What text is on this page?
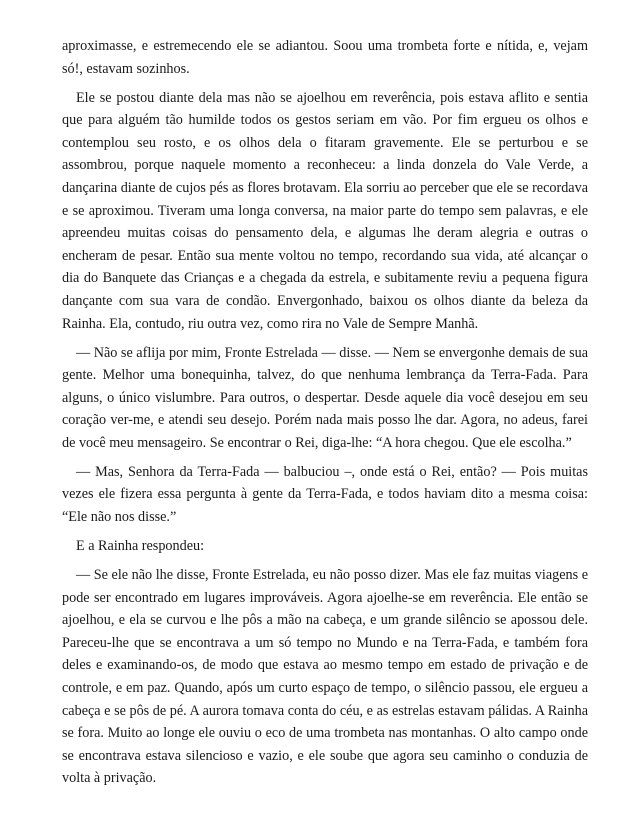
aproximasse, e estremecendo ele se adiantou. Soou uma trombeta forte e nítida, e, vejam só!, estavam sozinhos.

Ele se postou diante dela mas não se ajoelhou em reverência, pois estava aflito e sentia que para alguém tão humilde todos os gestos seriam em vão. Por fim ergueu os olhos e contemplou seu rosto, e os olhos dela o fitaram gravemente. Ele se perturbou e se assombrou, porque naquele momento a reconheceu: a linda donzela do Vale Verde, a dançarina diante de cujos pés as flores brotavam. Ela sorriu ao perceber que ele se recordava e se aproximou. Tiveram uma longa conversa, na maior parte do tempo sem palavras, e ele apreendeu muitas coisas do pensamento dela, e algumas lhe deram alegria e outras o encheram de pesar. Então sua mente voltou no tempo, recordando sua vida, até alcançar o dia do Banquete das Crianças e a chegada da estrela, e subitamente reviu a pequena figura dançante com sua vara de condão. Envergonhado, baixou os olhos diante da beleza da Rainha. Ela, contudo, riu outra vez, como rira no Vale de Sempre Manhã.

— Não se aflija por mim, Fronte Estrelada — disse. — Nem se envergonhe demais de sua gente. Melhor uma bonequinha, talvez, do que nenhuma lembrança da Terra-Fada. Para alguns, o único vislumbre. Para outros, o despertar. Desde aquele dia você desejou em seu coração ver-me, e atendi seu desejo. Porém nada mais posso lhe dar. Agora, no adeus, farei de você meu mensageiro. Se encontrar o Rei, diga-lhe: “A hora chegou. Que ele escolha.”

— Mas, Senhora da Terra-Fada — balbuciou –, onde está o Rei, então? — Pois muitas vezes ele fizera essa pergunta à gente da Terra-Fada, e todos haviam dito a mesma coisa: “Ele não nos disse.”

E a Rainha respondeu:

— Se ele não lhe disse, Fronte Estrelada, eu não posso dizer. Mas ele faz muitas viagens e pode ser encontrado em lugares improváveis. Agora ajoelhe-se em reverência. Ele então se ajoelhou, e ela se curvou e lhe pôs a mão na cabeça, e um grande silêncio se apossou dele. Pareceu-lhe que se encontrava a um só tempo no Mundo e na Terra-Fada, e também fora deles e examinando-os, de modo que estava ao mesmo tempo em estado de privação e de controle, e em paz. Quando, após um curto espaço de tempo, o silêncio passou, ele ergueu a cabeça e se pôs de pé. A aurora tomava conta do céu, e as estrelas estavam pálidas. A Rainha se fora. Muito ao longe ele ouviu o eco de uma trombeta nas montanhas. O alto campo onde se encontrava estava silencioso e vazio, e ele soube que agora seu caminho o conduzia de volta à privação.
